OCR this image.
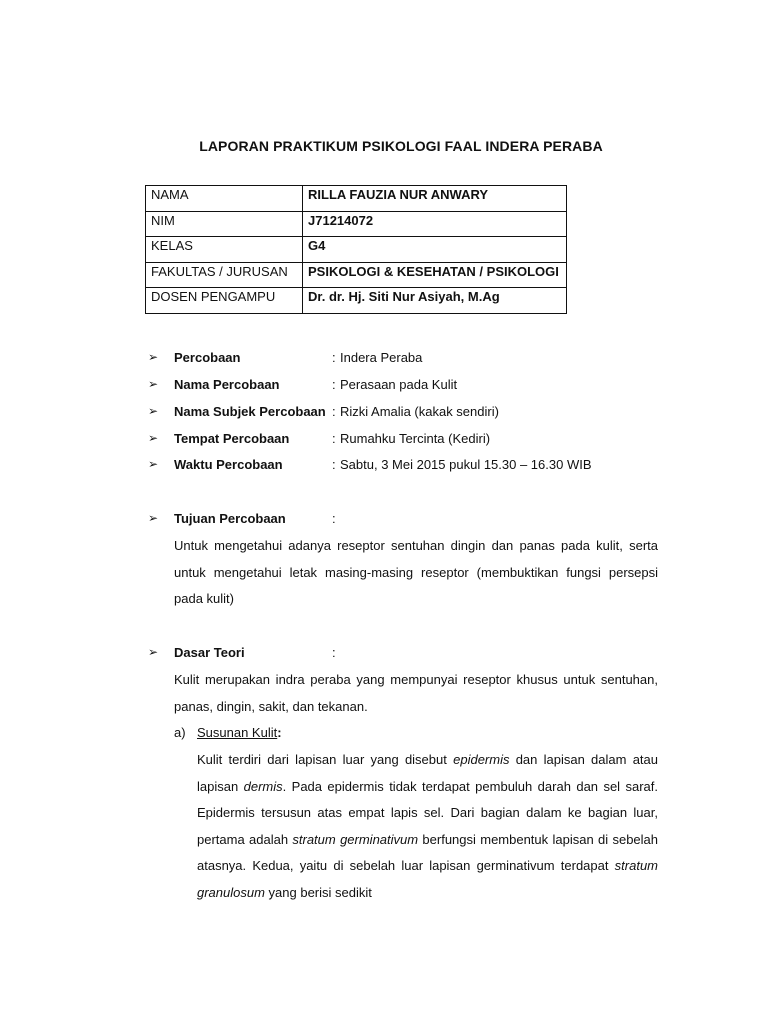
LAPORAN PRAKTIKUM PSIKOLOGI FAAL INDERA PERABA
NAMA	RILLA FAUZIA NUR ANWARY
NIM	J71214072
KELAS	G4
FAKULTAS / JURUSAN	PSIKOLOGI & KESEHATAN / PSIKOLOGI
DOSEN PENGAMPU	Dr. dr. Hj. Siti Nur Asiyah, M.Ag
➢ Percobaan	: Indera Peraba
➢ Nama Percobaan	: Perasaan pada Kulit
➢ Nama Subjek Percobaan : Rizki Amalia (kakak sendiri)
➢ Tempat Percobaan	: Rumahku Tercinta (Kediri)
➢ Waktu Percobaan	: Sabtu, 3 Mei 2015 pukul 15.30 – 16.30 WIB
➢ Tujuan Percobaan	:
Untuk mengetahui adanya reseptor sentuhan dingin dan panas pada kulit, serta untuk mengetahui letak masing-masing reseptor (membuktikan fungsi persepsi pada kulit)
➢ Dasar Teori	:
Kulit merupakan indra peraba yang mempunyai reseptor khusus untuk sentuhan, panas, dingin, sakit, dan tekanan.
a) Susunan Kulit:
Kulit terdiri dari lapisan luar yang disebut epidermis dan lapisan dalam atau lapisan dermis. Pada epidermis tidak terdapat pembuluh darah dan sel saraf. Epidermis tersusun atas empat lapis sel. Dari bagian dalam ke bagian luar, pertama adalah stratum germinativum berfungsi membentuk lapisan di sebelah atasnya. Kedua, yaitu di sebelah luar lapisan germinativum terdapat stratum granulosum yang berisi sedikit
